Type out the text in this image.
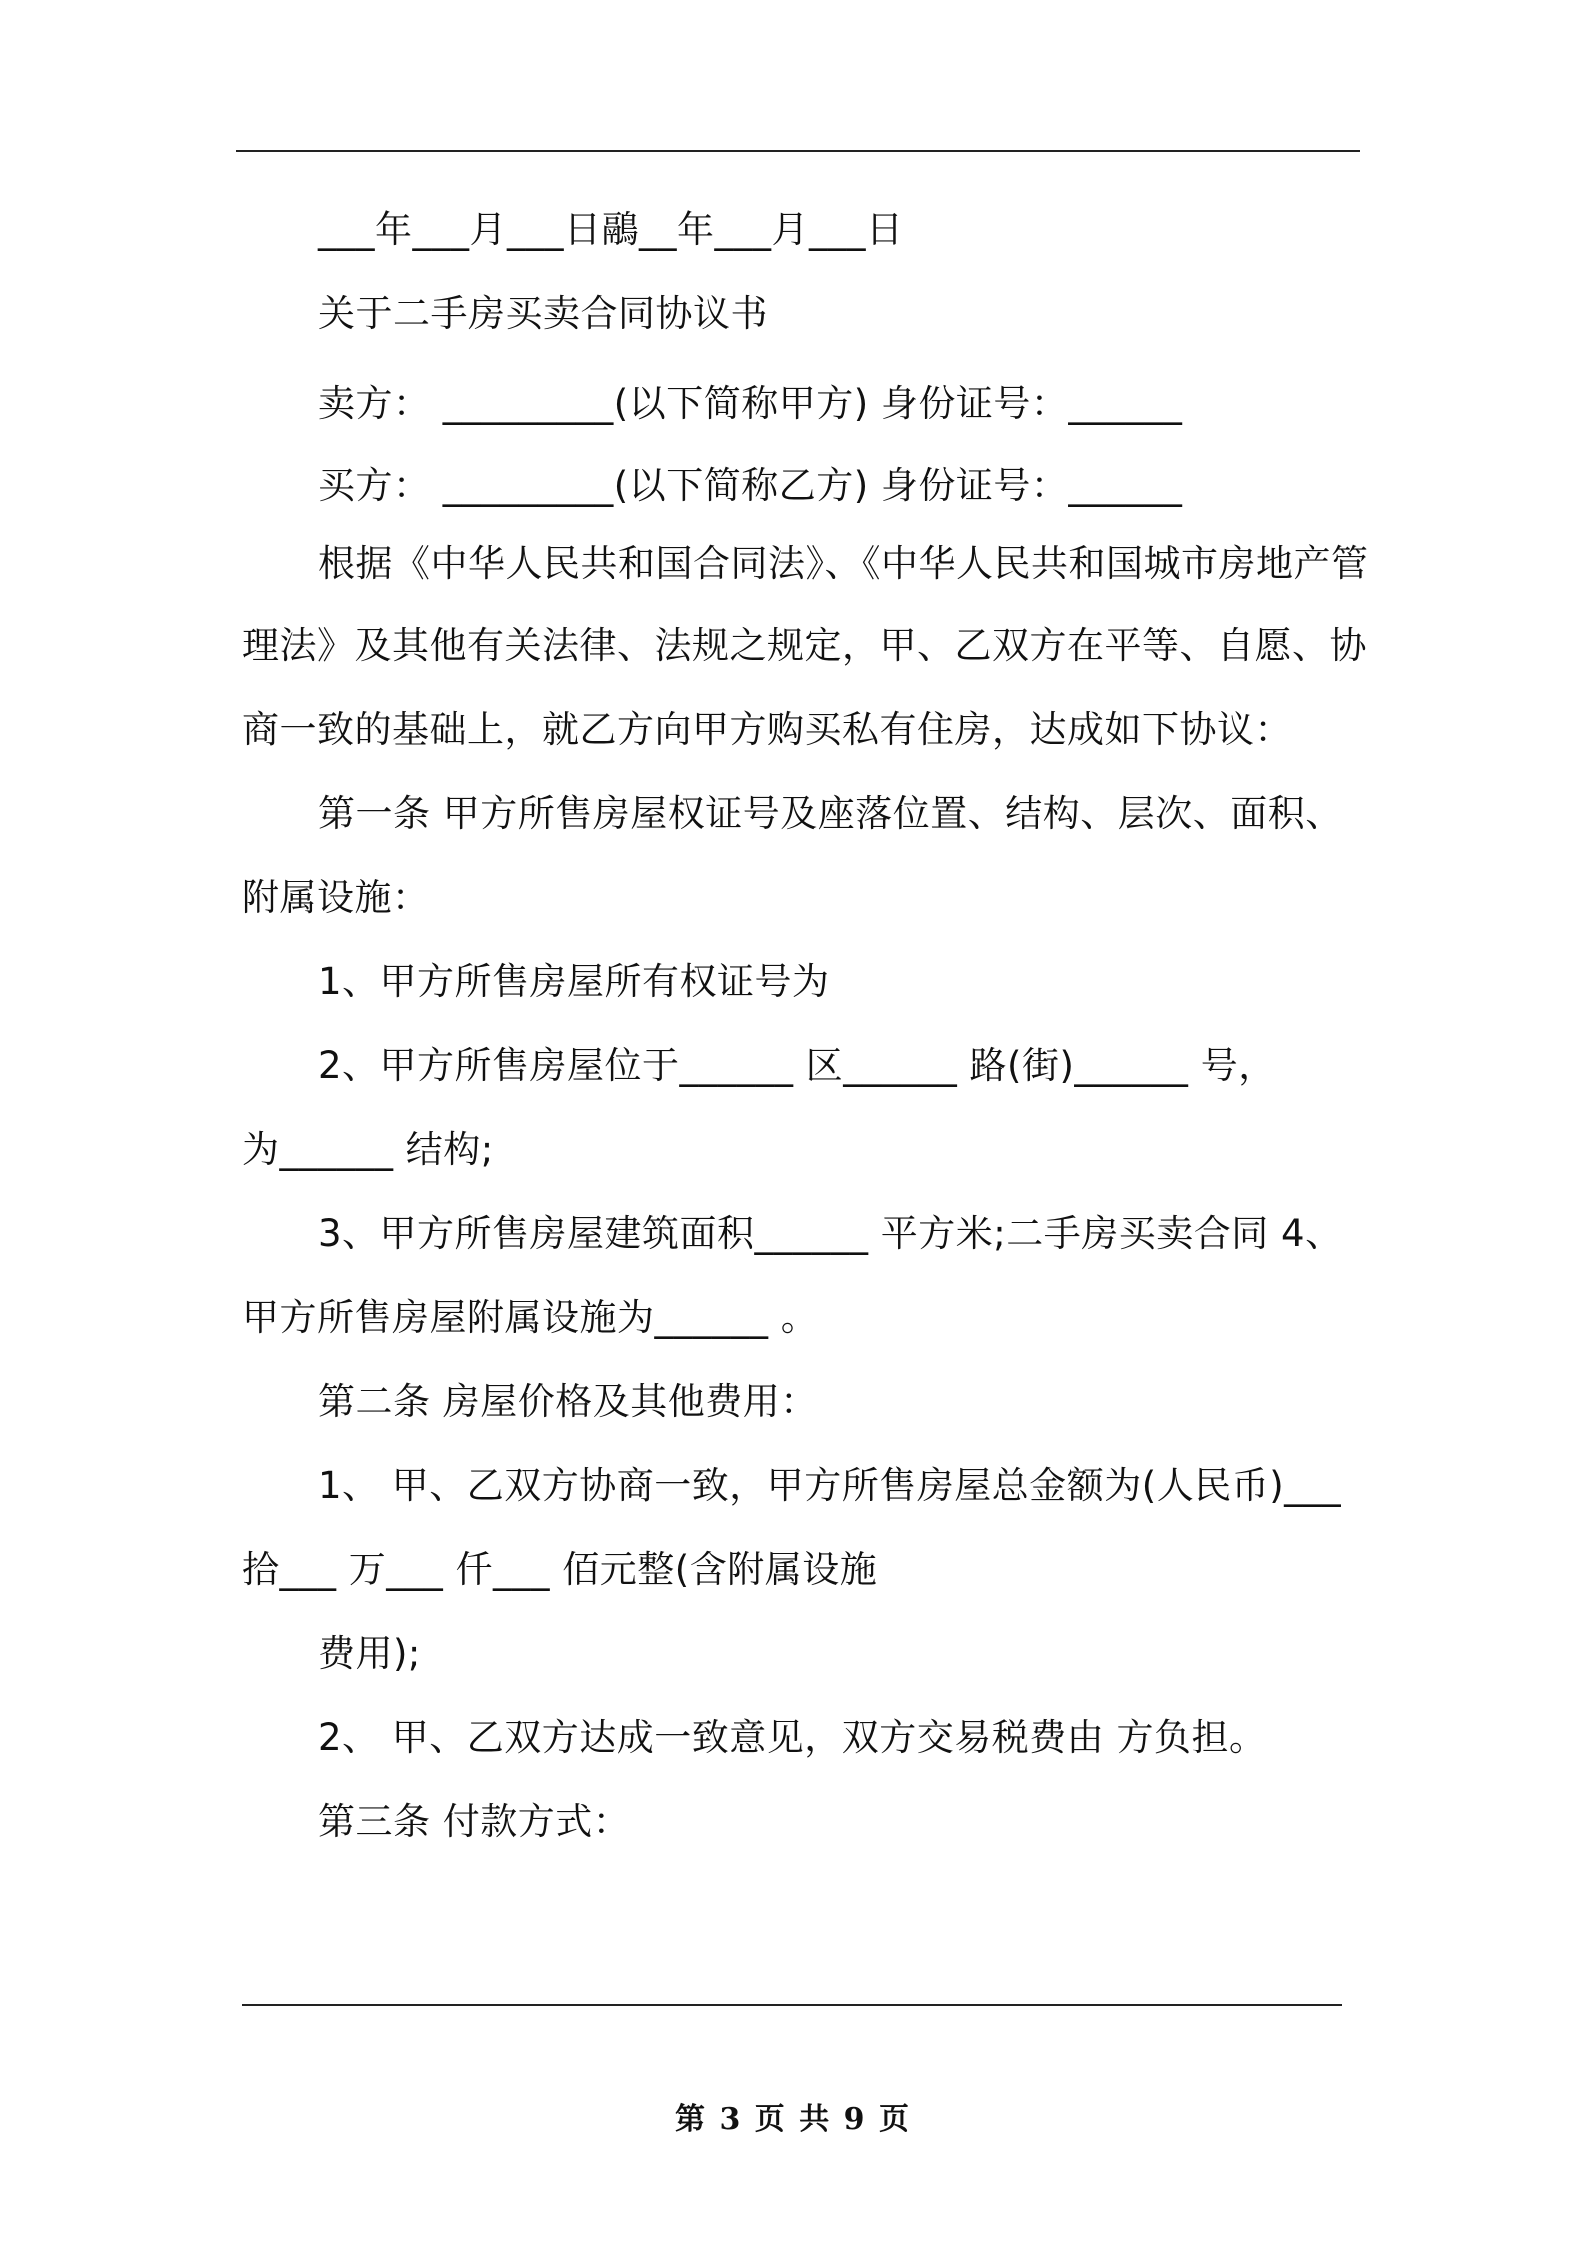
___年___月___日鷊__年___月___日
关于二手房买卖合同协议书
卖方： _________(以下简称甲方) 身份证号：______
买方： _________(以下简称乙方) 身份证号：______
根据《中华人民共和国合同法》、《中华人民共和国城市房地产管
理法》及其他有关法律、法规之规定，甲、乙双方在平等、自愿、协
商一致的基础上，就乙方向甲方购买私有住房，达成如下协议：
第一条 甲方所售房屋权证号及座落位置、结构、层次、面积、
附属设施：
1、甲方所售房屋所有权证号为
2、甲方所售房屋位于______ 区______ 路(街)______ 号，
为______ 结构;
3、甲方所售房屋建筑面积______ 平方米;二手房买卖合同 4、
甲方所售房屋附属设施为______ 。
第二条 房屋价格及其他费用：
1、 甲、乙双方协商一致，甲方所售房屋总金额为(人民币)___
拾___ 万___ 仟___ 佰元整(含附属设施
费用);
2、 甲、乙双方达成一致意见，双方交易税费由 方负担。
第三条 付款方式：
第 3 页 共 9 页
